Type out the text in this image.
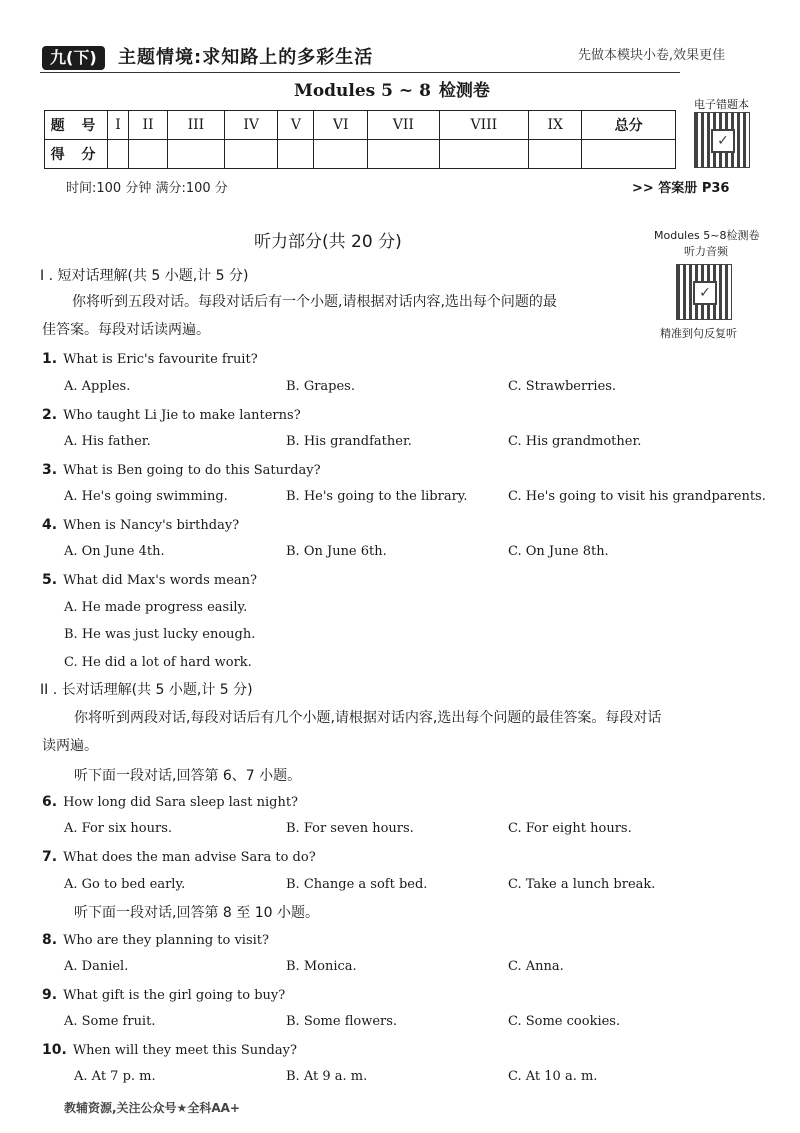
九(下)	主题情境:求知路上的多彩生活	先做本模块小卷,效果更佳
Modules 5 ~ 8 检测卷
题 号	I	II	III	IV	V	VI	VII	VIII	IX	总分
得 分										
电子错题本
✓
时间:100 分钟 满分:100 分	>> 答案册 P36
听力部分(共 20 分)	Modules 5~8检测卷
听力音频
✓
精准到句反复听
I . 短对话理解(共 5 小题,计 5 分)
你将听到五段对话。每段对话后有一个小题,请根据对话内容,选出每个问题的最
佳答案。每段对话读两遍。
1. What is Eric's favourite fruit?
A. Apples.	B. Grapes.	C. Strawberries.
2. Who taught Li Jie to make lanterns?
A. His father.	B. His grandfather.	C. His grandmother.
3. What is Ben going to do this Saturday?
A. He's going swimming.	B. He's going to the library.	C. He's going to visit his grandparents.
4. When is Nancy's birthday?
A. On June 4th.	B. On June 6th.	C. On June 8th.
5. What did Max's words mean?
A. He made progress easily.
B. He was just lucky enough.
C. He did a lot of hard work.
II . 长对话理解(共 5 小题,计 5 分)
你将听到两段对话,每段对话后有几个小题,请根据对话内容,选出每个问题的最佳答案。每段对话
读两遍。
听下面一段对话,回答第 6、7 小题。
6. How long did Sara sleep last night?
A. For six hours.	B. For seven hours.	C. For eight hours.
7. What does the man advise Sara to do?
A. Go to bed early.	B. Change a soft bed.	C. Take a lunch break.
听下面一段对话,回答第 8 至 10 小题。
8. Who are they planning to visit?
A. Daniel.	B. Monica.	C. Anna.
9. What gift is the girl going to buy?
A. Some fruit.	B. Some flowers.	C. Some cookies.
10. When will they meet this Sunday?
A. At 7 p. m.	B. At 9 a. m.	C. At 10 a. m.
教辅资源,关注公众号★全科AA+
